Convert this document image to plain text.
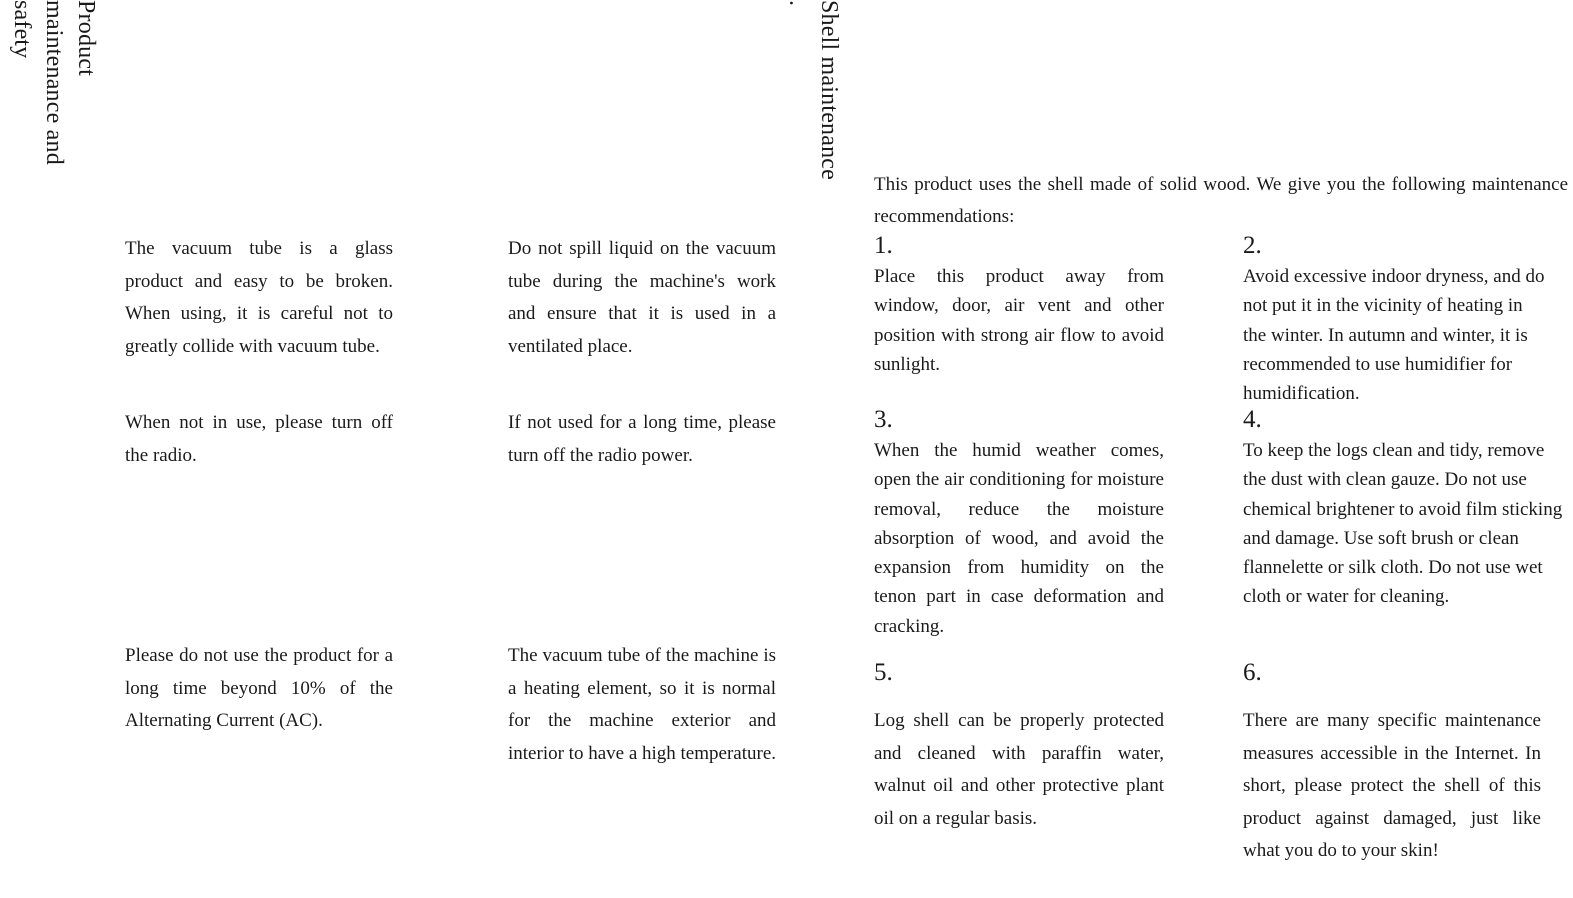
Product
maintenance and
safety

The vacuum tube is a glass product and easy to be broken. When using, it is careful not to greatly collide with vacuum tube.

When not in use, please turn off the radio.

Please do not use the product for a long time beyond 10% of the Alternating Current (AC).

Do not spill liquid on the vacuum tube during the machine's work and ensure that it is used in a ventilated place.

If not used for a long time, please turn off the radio power.

The vacuum tube of the machine is a heating element, so it is normal for the machine exterior and interior to have a high temperature.

Shell maintenance
.

This product uses the shell made of solid wood. We give you the following maintenance recommendations:

1.

Place this product away from window, door, air vent and other position with strong air flow to avoid sunlight.

2.

Avoid excessive indoor dryness, and do not put it in the vicinity of heating in the winter. In autumn and winter, it is recommended to use humidifier for humidification.

3.

When the humid weather comes, open the air conditioning for moisture removal, reduce the moisture absorption of wood, and avoid the expansion from humidity on the tenon part in case deformation and cracking.

4.

To keep the logs clean and tidy, remove the dust with clean gauze. Do not use chemical brightener to avoid film sticking and damage. Use soft brush or clean flannelette or silk cloth. Do not use wet cloth or water for cleaning.

5.

Log shell can be properly protected and cleaned with paraffin water, walnut oil and other protective plant oil on a regular basis.

6.

There are many specific maintenance measures accessible in the Internet. In short, please protect the shell of this product against damaged, just like what you do to your skin!
